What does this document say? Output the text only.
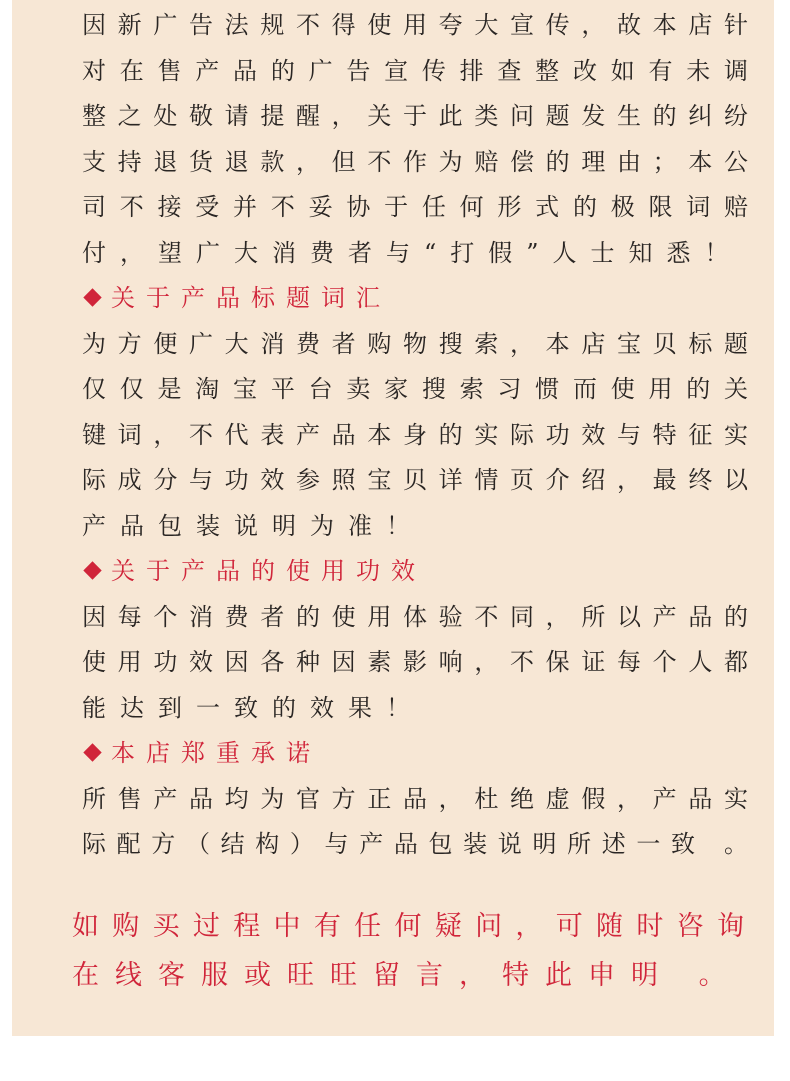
因新广告法规不得使用夸大宣传，故本店针
对在售产品的广告宣传排查整改如有未调
整之处敬请提醒，关于此类问题发生的纠纷
支持退货退款，但不作为赔偿的理由；本公
司不接受并不妥协于任何形式的极限词赔
付，望广大消费者与“打假”人士知悉！
关于产品标题词汇
为方便广大消费者购物搜索，本店宝贝标题
仅仅是淘宝平台卖家搜索习惯而使用的关
键词，不代表产品本身的实际功效与特征实
际成分与功效参照宝贝详情页介绍，最终以
产品包装说明为准！
关于产品的使用功效
因每个消费者的使用体验不同，所以产品的
使用功效因各种因素影响，不保证每个人都
能达到一致的效果！
本店郑重承诺
所售产品均为官方正品，杜绝虚假，产品实
际配方（结构）与产品包装说明所述一致 。
如购买过程中有任何疑问，可随时咨询
在线客服或旺旺留言，特此申明 。
